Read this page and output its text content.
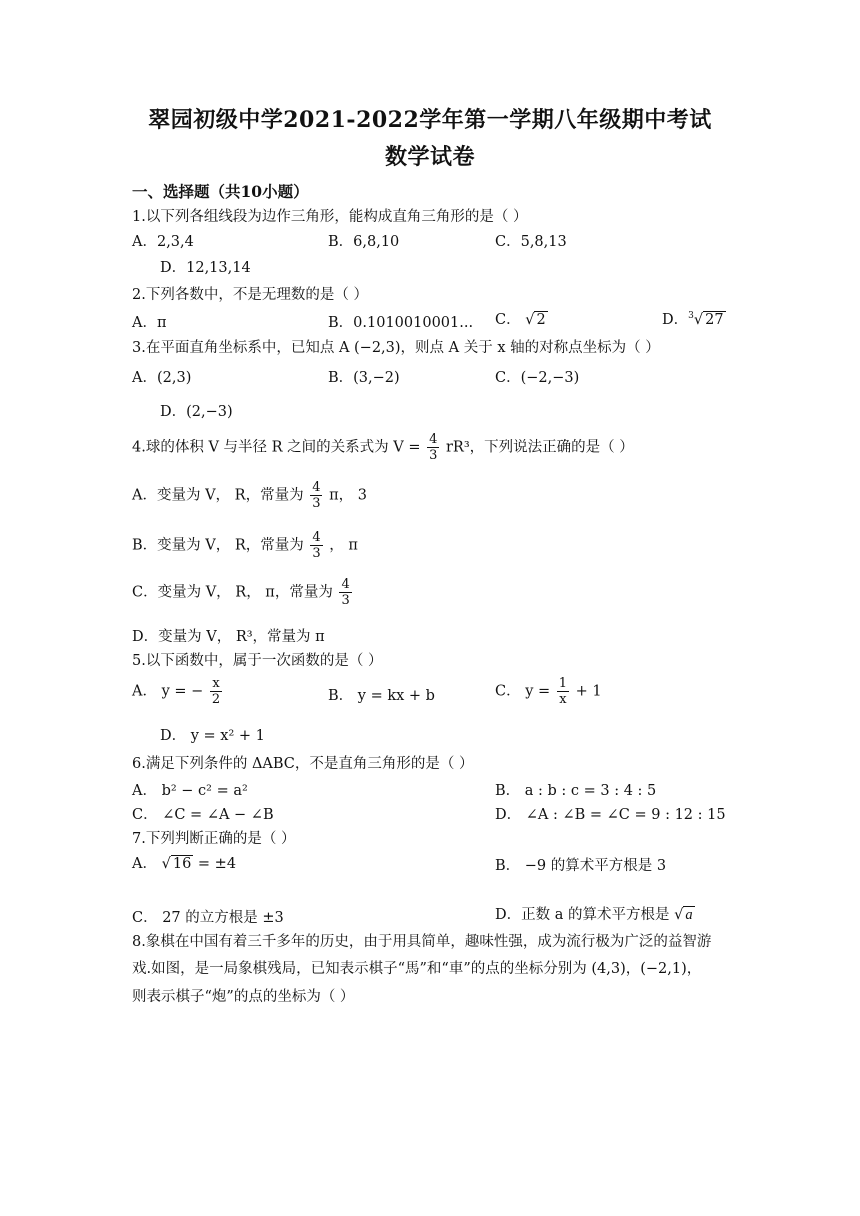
翠园初级中学2021-2022学年第一学期八年级期中考试
数学试卷
一、选择题（共10小题）
1.以下列各组线段为边作三角形，能构成直角三角形的是（ ）
A．2,3,4	B．6,8,10	C．5,8,13
D．12,13,14
2.下列各数中，不是无理数的是（ ）
A．π	B．0.1010010001... C． √ 2	D．$^3$√ 27
3.在平面直角坐标系中，已知点 A (−2,3)，则点 A 关于 x 轴的对称点坐标为（ ）
A．(2,3)	B．(3,−2)	C．(−2,−3)
D．(2,−3)
4.球的体积 V 与半径 R 之间的关系式为 $V = \frac{4}{3} rR^3$，下列说法正确的是（ ）
A．变量为 V， R，常量为 $\frac{4}{3}$ π， 3
B．变量为 V， R，常量为 $\frac{4}{3}$ ， π
C．变量为 V， R， π，常量为 $\frac{4}{3}$
D．变量为 V， R³，常量为 π
5.以下函数中，属于一次函数的是（ ）
A． y = − $\frac{x}{2}$	B． y = kx + b	C． $y = \frac{1}{x} + 1$
D． y = x² + 1
6.满足下列条件的 ΔABC，不是直角三角形的是（ ）
A． b² − c² = a²	B． a : b : c = 3 : 4 : 5
C． ∠C = ∠A − ∠B	D． ∠A : ∠B = ∠C = 9 : 12 : 15
7.下列判断正确的是（ ）
A． √ 16 = ±4	B． −9 的算术平方根是 3
C． 27 的立方根是 ±3	D．正数 a 的算术平方根是 √ a
8.象棋在中国有着三千多年的历史，由于用具简单，趣味性强，成为流行极为广泛的益智游
戏.如图，是一局象棋残局，已知表示棋子“馬”和“車”的点的坐标分别为 (4,3)，(−2,1)，
则表示棋子“炮”的点的坐标为（ ）
